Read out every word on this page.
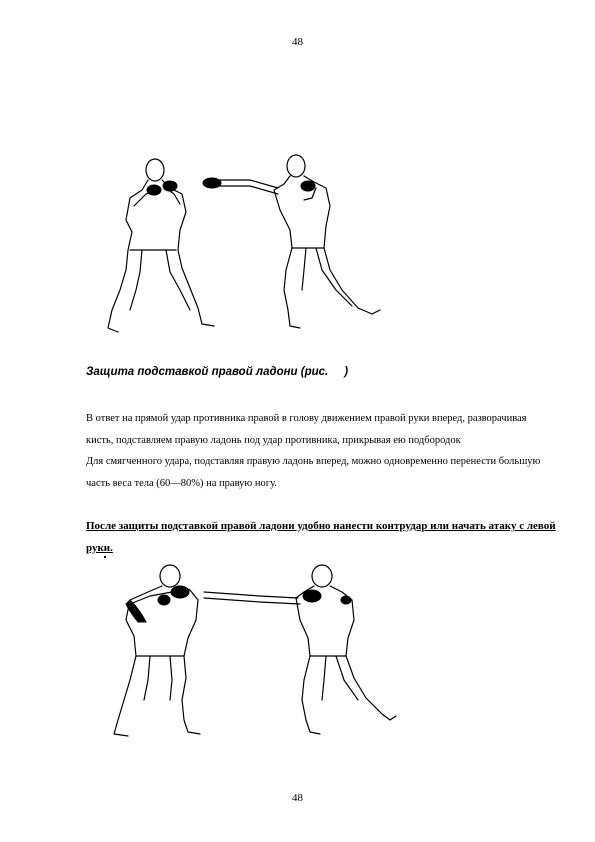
48
Защита подставкой правой ладони (рис.     )

В ответ на прямой удар противника правой в голову движением правой руки вперед, разворачивая кисть, подставляем правую ладонь под удар противника, прикрывая ею подбородок

Для смягченного удара, подставляя правую ладонь вперед, можно одновременно перенести большую часть веса тела (60—80%) на правую ногу.

После защиты подставкой правой ладони удобно нанести контрудар или начать атаку с левой руки.
48
